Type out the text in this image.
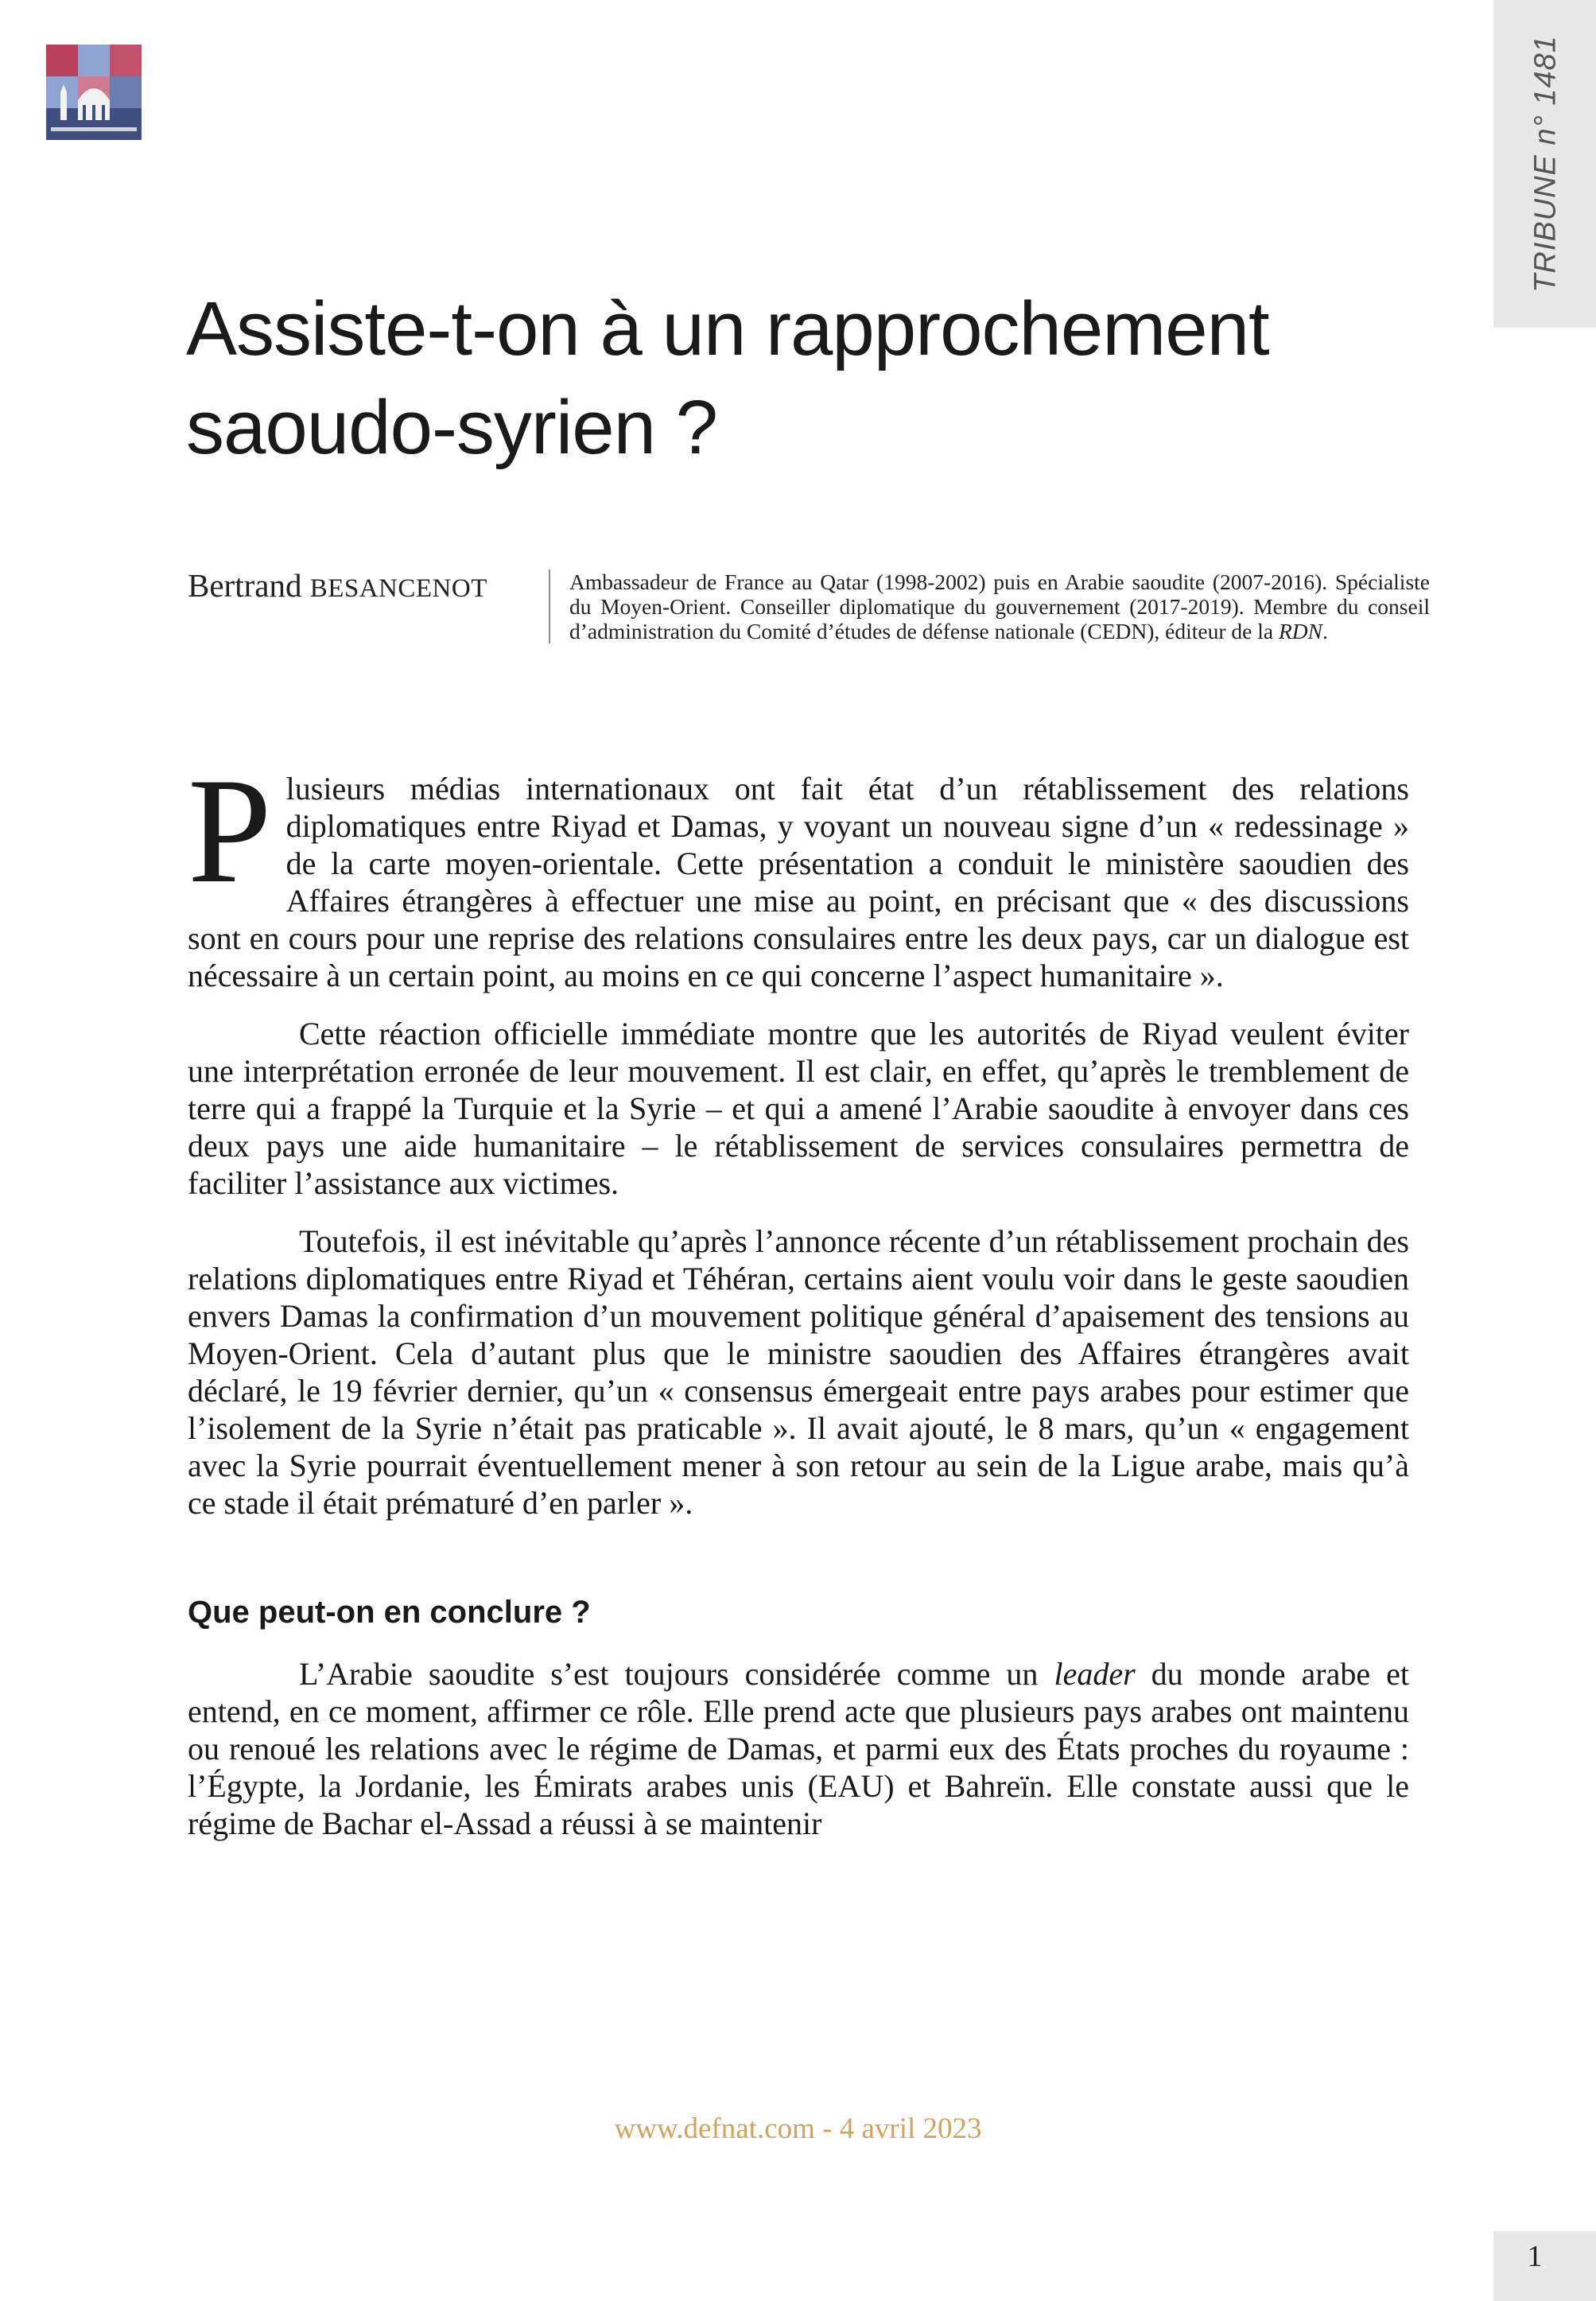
TRIBUNE n° 1481
Assiste-t-on à un rapprochement saoudo-syrien ?
Bertrand BESANCENOT	Ambassadeur de France au Qatar (1998-2002) puis en Arabie saoudite (2007-2016). Spécialiste du Moyen-Orient. Conseiller diplomatique du gouvernement (2017-2019). Membre du conseil d’administration du Comité d’études de défense nationale (CEDN), éditeur de la RDN.

Plusieurs médias internationaux ont fait état d’un rétablissement des relations diplomatiques entre Riyad et Damas, y voyant un nouveau signe d’un « redessinage » de la carte moyen-orientale. Cette présentation a conduit le ministère saoudien des Affaires étrangères à effectuer une mise au point, en précisant que « des discussions sont en cours pour une reprise des relations consulaires entre les deux pays, car un dialogue est nécessaire à un certain point, au moins en ce qui concerne l’aspect humanitaire ».

Cette réaction officielle immédiate montre que les autorités de Riyad veulent éviter une interprétation erronée de leur mouvement. Il est clair, en effet, qu’après le tremblement de terre qui a frappé la Turquie et la Syrie – et qui a amené l’Arabie saoudite à envoyer dans ces deux pays une aide humanitaire – le rétablissement de services consulaires permettra de faciliter l’assistance aux victimes.

Toutefois, il est inévitable qu’après l’annonce récente d’un rétablissement prochain des relations diplomatiques entre Riyad et Téhéran, certains aient voulu voir dans le geste saoudien envers Damas la confirmation d’un mouvement politique général d’apaisement des tensions au Moyen-Orient. Cela d’autant plus que le ministre saoudien des Affaires étrangères avait déclaré, le 19 février dernier, qu’un « consensus émergeait entre pays arabes pour estimer que l’isolement de la Syrie n’était pas praticable ». Il avait ajouté, le 8 mars, qu’un « engagement avec la Syrie pourrait éventuellement mener à son retour au sein de la Ligue arabe, mais qu’à ce stade il était prématuré d’en parler ».

Que peut-on en conclure ?

L’Arabie saoudite s’est toujours considérée comme un leader du monde arabe et entend, en ce moment, affirmer ce rôle. Elle prend acte que plusieurs pays arabes ont maintenu ou renoué les relations avec le régime de Damas, et parmi eux des États proches du royaume : l’Égypte, la Jordanie, les Émirats arabes unis (EAU) et Bahreïn. Elle constate aussi que le régime de Bachar el-Assad a réussi à se maintenir

www.defnat.com - 4 avril 2023
1
